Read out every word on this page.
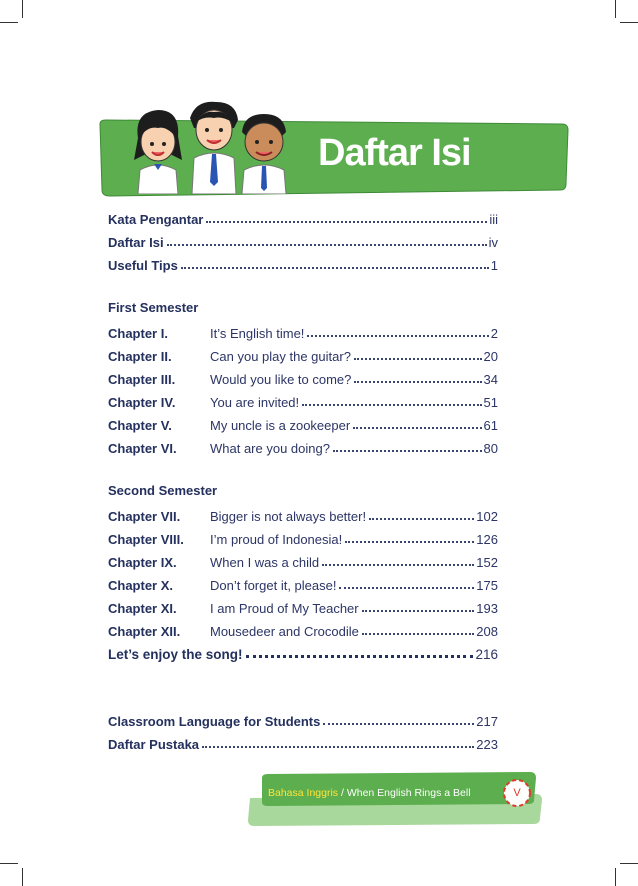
Daftar Isi
Kata Pengantar	iii
Daftar Isi	iv
Useful Tips	1
First Semester
Chapter I.	It’s English time!	2
Chapter II.	Can you play the guitar?	20
Chapter III.	Would you like to come?	34
Chapter IV.	You are invited!	51
Chapter V.	My uncle is a zookeeper	61
Chapter VI.	What are you doing?	80
Second Semester
Chapter VII.	Bigger is not always better!	102
Chapter VIII.	I’m proud of Indonesia!	126
Chapter IX.	When I was a child	152
Chapter X.	Don’t forget it, please!	175
Chapter XI.	I am Proud of My Teacher	193
Chapter XII.	Mousedeer and Crocodile	208
Let’s enjoy the song!	216
Classroom Language for Students	217
Daftar Pustaka	223
Bahasa Inggris / When English Rings a Bell	V
